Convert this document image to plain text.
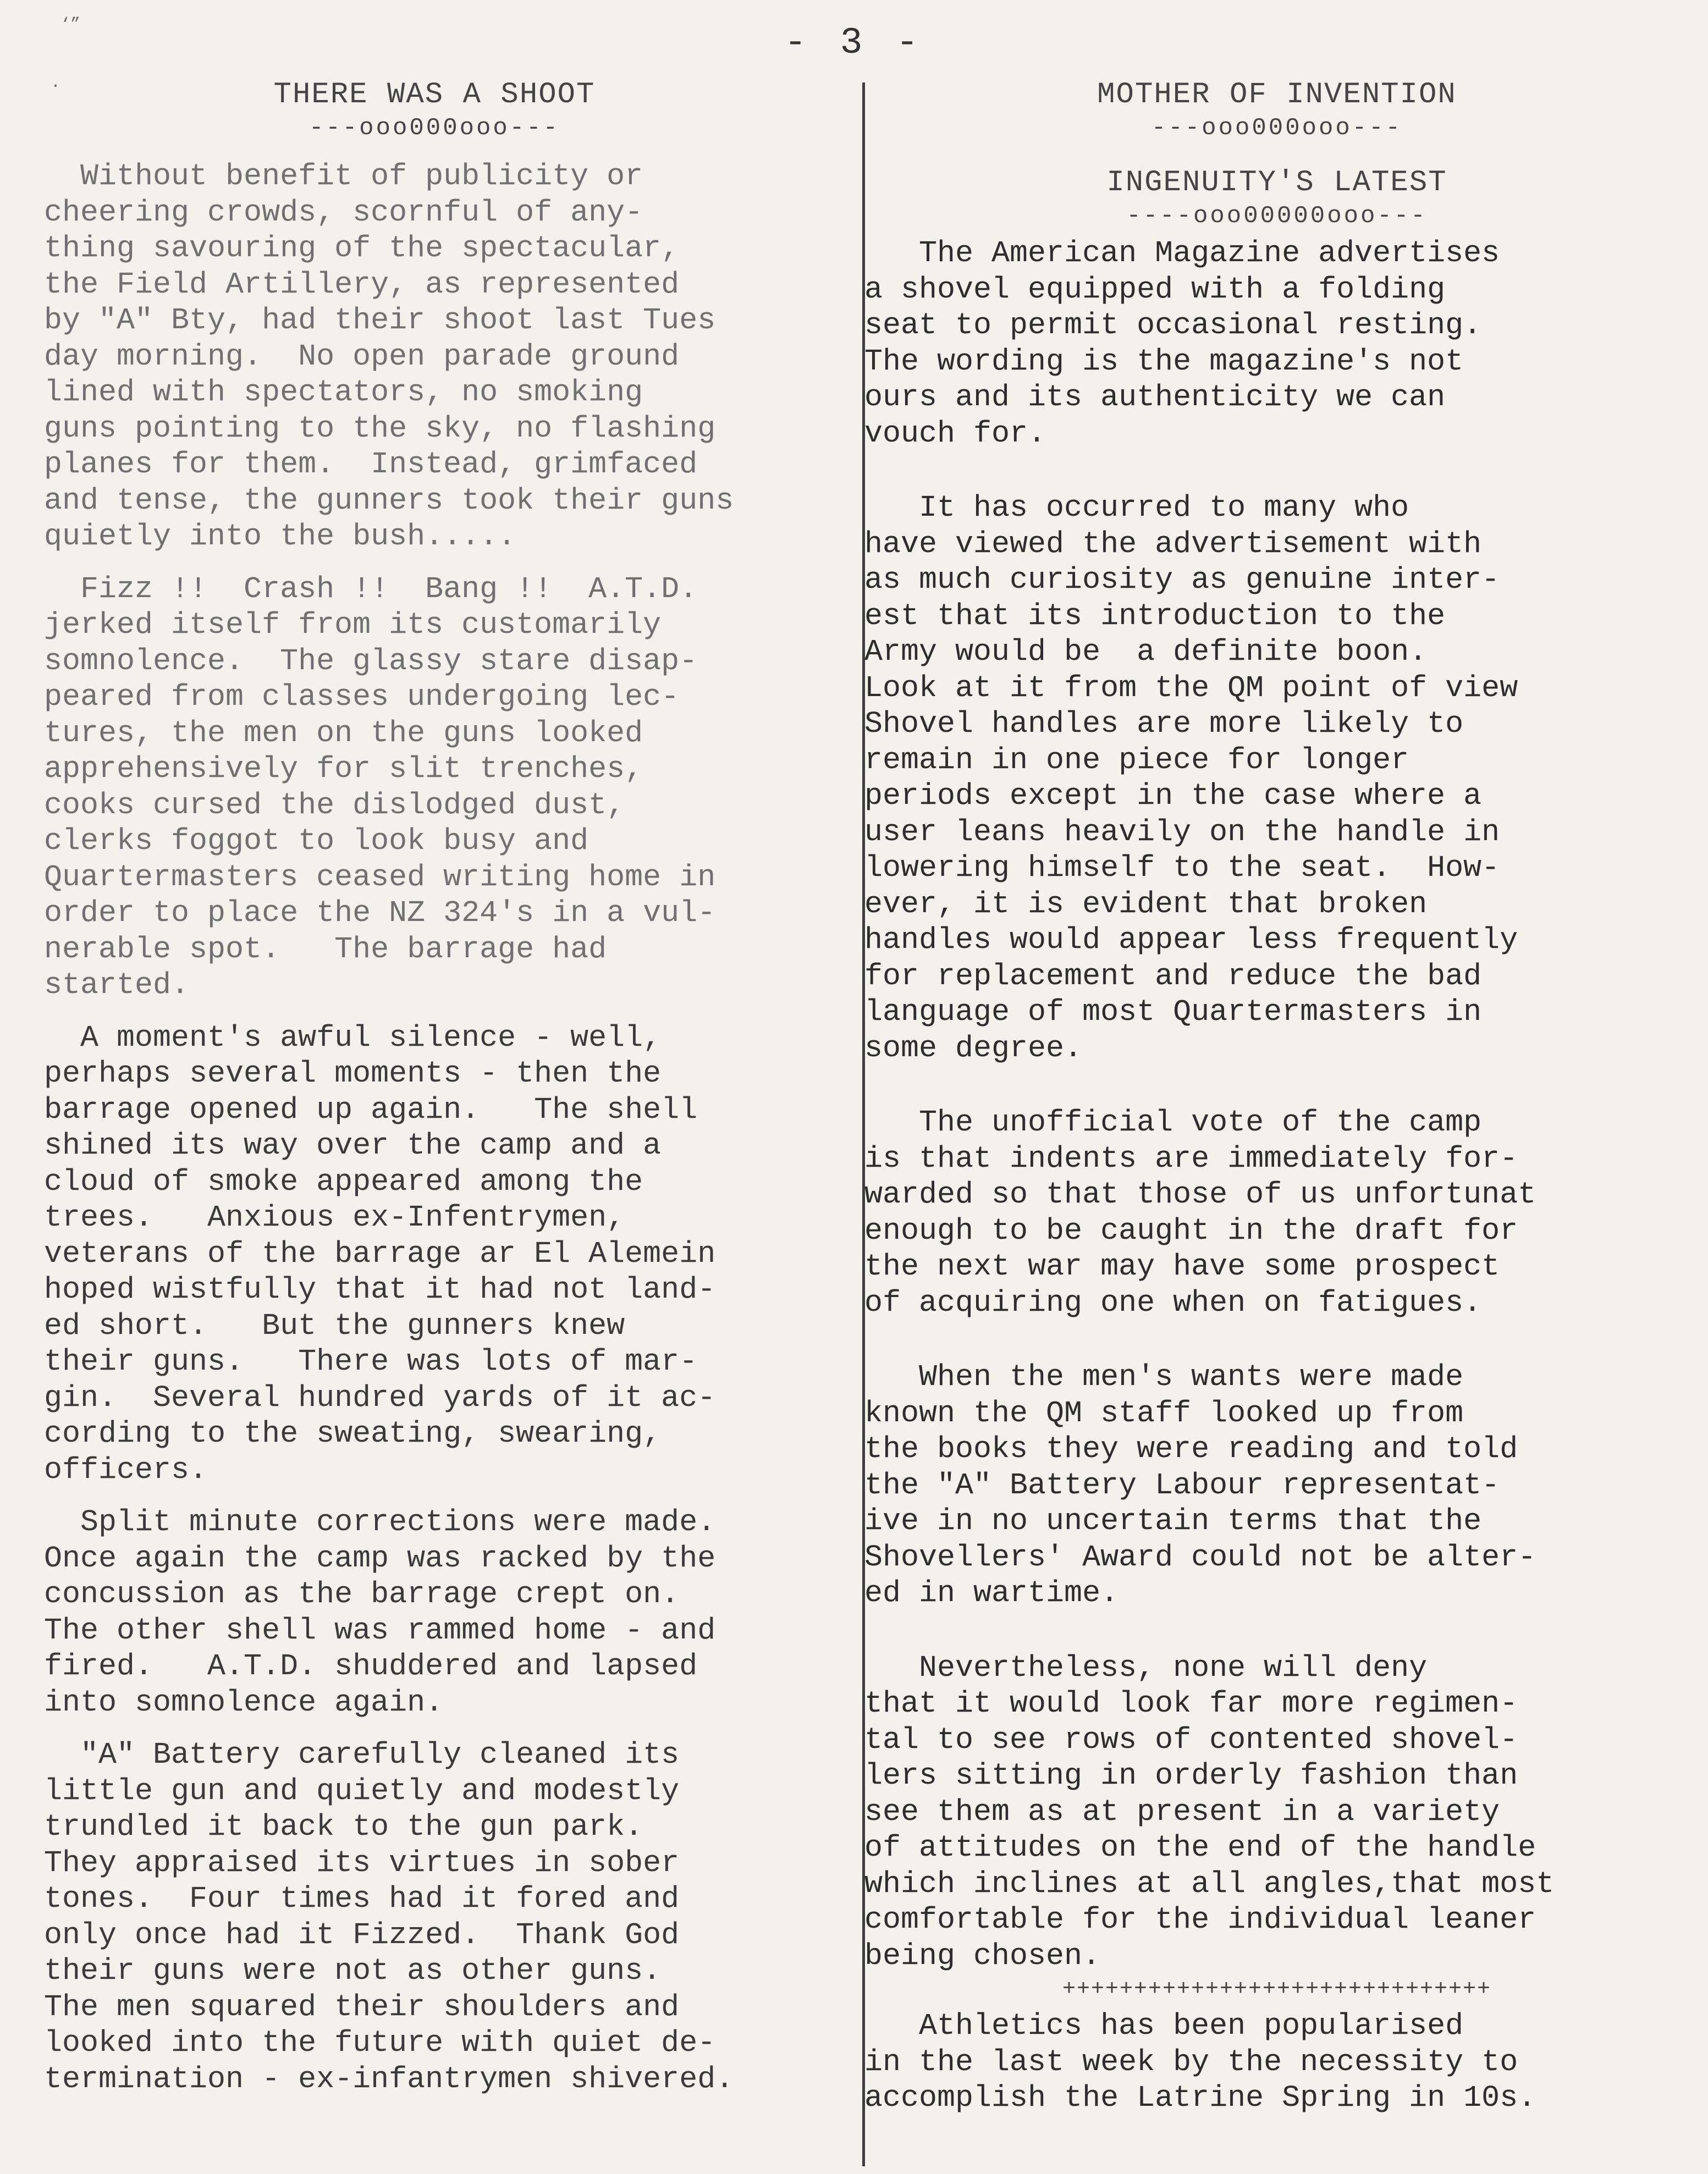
‘”
·
- 3 -
THERE WAS A SHOOT
---ooo000ooo---
Without benefit of publicity or
cheering crowds, scornful of any-
thing savouring of the spectacular,
the Field Artillery, as represented
by "A" Bty, had their shoot last Tues
day morning.  No open parade ground
lined with spectators, no smoking
guns pointing to the sky, no flashing
planes for them.  Instead, grimfaced
and tense, the gunners took their guns
quietly into the bush.....
Fizz !!  Crash !!  Bang !!  A.T.D.
jerked itself from its customarily
somnolence.  The glassy stare disap-
peared from classes undergoing lec-
tures, the men on the guns looked
apprehensively for slit trenches,
cooks cursed the dislodged dust,
clerks foggot to look busy and
Quartermasters ceased writing home in
order to place the NZ 324's in a vul-
nerable spot.   The barrage had
started.
A moment's awful silence - well,
perhaps several moments - then the
barrage opened up again.   The shell
shined its way over the camp and a
cloud of smoke appeared among the
trees.   Anxious ex-Infentrymen,
veterans of the barrage ar El Alemein
hoped wistfully that it had not land-
ed short.   But the gunners knew
their guns.   There was lots of mar-
gin.  Several hundred yards of it ac-
cording to the sweating, swearing,
officers.
Split minute corrections were made.
Once again the camp was racked by the
concussion as the barrage crept on.
The other shell was rammed home - and
fired.   A.T.D. shuddered and lapsed
into somnolence again.
"A" Battery carefully cleaned its
little gun and quietly and modestly
trundled it back to the gun park.
They appraised its virtues in sober
tones.  Four times had it fored and
only once had it Fizzed.  Thank God
their guns were not as other guns.
The men squared their shoulders and
looked into the future with quiet de-
termination - ex-infantrymen shivered.
MOTHER OF INVENTION
---ooo000ooo---
INGENUITY'S LATEST
----ooo00000ooo---
The American Magazine advertises
a shovel equipped with a folding
seat to permit occasional resting.
The wording is the magazine's not
ours and its authenticity we can
vouch for.
It has occurred to many who
have viewed the advertisement with
as much curiosity as genuine inter-
est that its introduction to the
Army would be  a definite boon.
Look at it from the QM point of view
Shovel handles are more likely to
remain in one piece for longer
periods except in the case where a
user leans heavily on the handle in
lowering himself to the seat.  How-
ever, it is evident that broken
handles would appear less frequently
for replacement and reduce the bad
language of most Quartermasters in
some degree.
The unofficial vote of the camp
is that indents are immediately for-
warded so that those of us unfortunat
enough to be caught in the draft for
the next war may have some prospect
of acquiring one when on fatigues.
When the men's wants were made
known the QM staff looked up from
the books they were reading and told
the "A" Battery Labour representat-
ive in no uncertain terms that the
Shovellers' Award could not be alter-
ed in wartime.
Nevertheless, none will deny
that it would look far more regimen-
tal to see rows of contented shovel-
lers sitting in orderly fashion than
see them as at present in a variety
of attitudes on the end of the handle
which inclines at all angles,that most
comfortable for the individual leaner
being chosen.
++++++++++++++++++++++++++++++
Athletics has been popularised
in the last week by the necessity to
accomplish the Latrine Spring in 10s.
